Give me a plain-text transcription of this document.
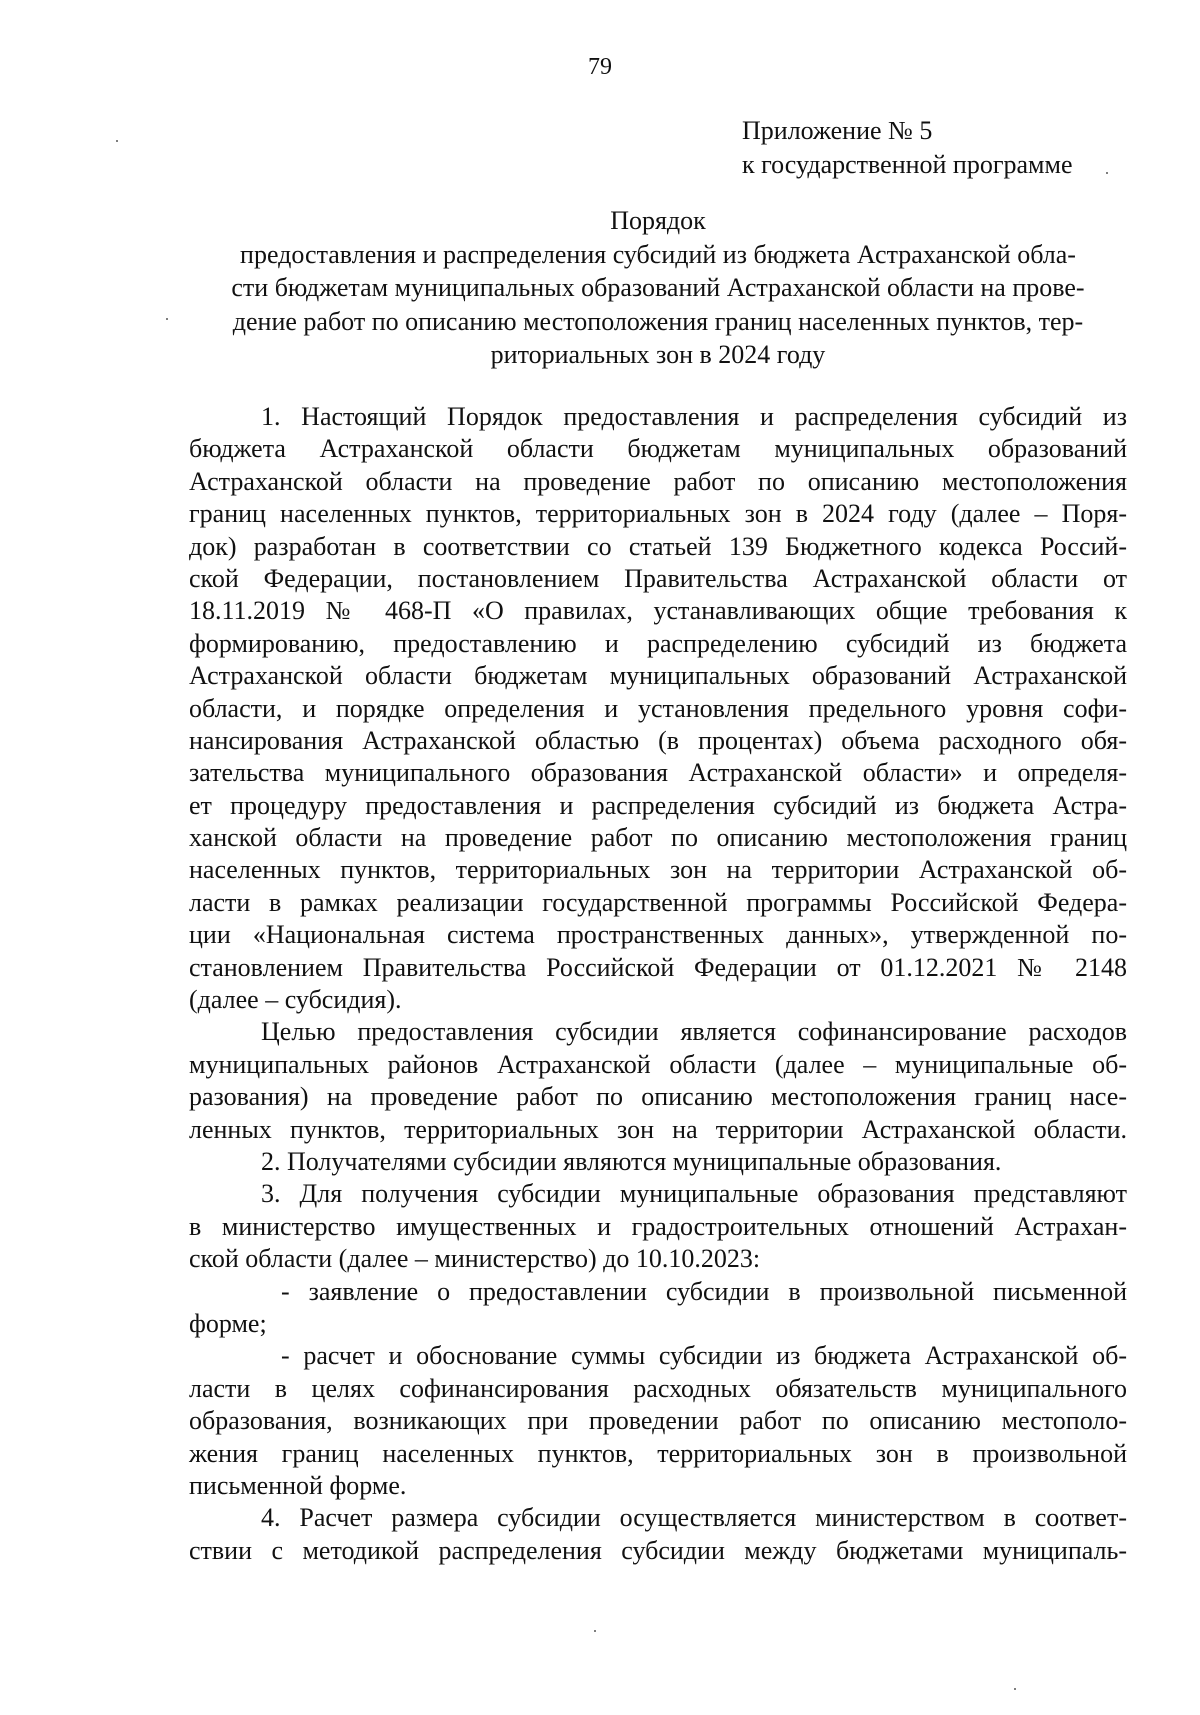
79
Приложение № 5
к государственной программе
Порядок
предоставления и распределения субсидий из бюджета Астраханской обла-
сти бюджетам муниципальных образований Астраханской области на прове-
дение работ по описанию местоположения границ населенных пунктов, тер-
риториальных зон в 2024 году
1. Настоящий Порядок предоставления и распределения субсидий из
бюджета Астраханской области бюджетам муниципальных образований
Астраханской области на проведение работ по описанию местоположения
границ населенных пунктов, территориальных зон в 2024 году (далее – Поря-
док) разработан в соответствии со статьей 139 Бюджетного кодекса Россий-
ской Федерации, постановлением Правительства Астраханской области от
18.11.2019 № 468-П «О правилах, устанавливающих общие требования к
формированию, предоставлению и распределению субсидий из бюджета
Астраханской области бюджетам муниципальных образований Астраханской
области, и порядке определения и установления предельного уровня софи-
нансирования Астраханской областью (в процентах) объема расходного обя-
зательства муниципального образования Астраханской области» и определя-
ет процедуру предоставления и распределения субсидий из бюджета Астра-
ханской области на проведение работ по описанию местоположения границ
населенных пунктов, территориальных зон на территории Астраханской об-
ласти в рамках реализации государственной программы Российской Федера-
ции «Национальная система пространственных данных», утвержденной по-
становлением Правительства Российской Федерации от 01.12.2021 № 2148
(далее – субсидия).
Целью предоставления субсидии является софинансирование расходов
муниципальных районов Астраханской области (далее – муниципальные об-
разования) на проведение работ по описанию местоположения границ насе-
ленных пунктов, территориальных зон на территории Астраханской области.
2. Получателями субсидии являются муниципальные образования.
3. Для получения субсидии муниципальные образования представляют
в министерство имущественных и градостроительных отношений Астрахан-
ской области (далее – министерство) до 10.10.2023:
- заявление о предоставлении субсидии в произвольной письменной
форме;
- расчет и обоснование суммы субсидии из бюджета Астраханской об-
ласти в целях софинансирования расходных обязательств муниципального
образования, возникающих при проведении работ по описанию местополо-
жения границ населенных пунктов, территориальных зон в произвольной
письменной форме.
4. Расчет размера субсидии осуществляется министерством в соответ-
ствии с методикой распределения субсидии между бюджетами муниципаль-
